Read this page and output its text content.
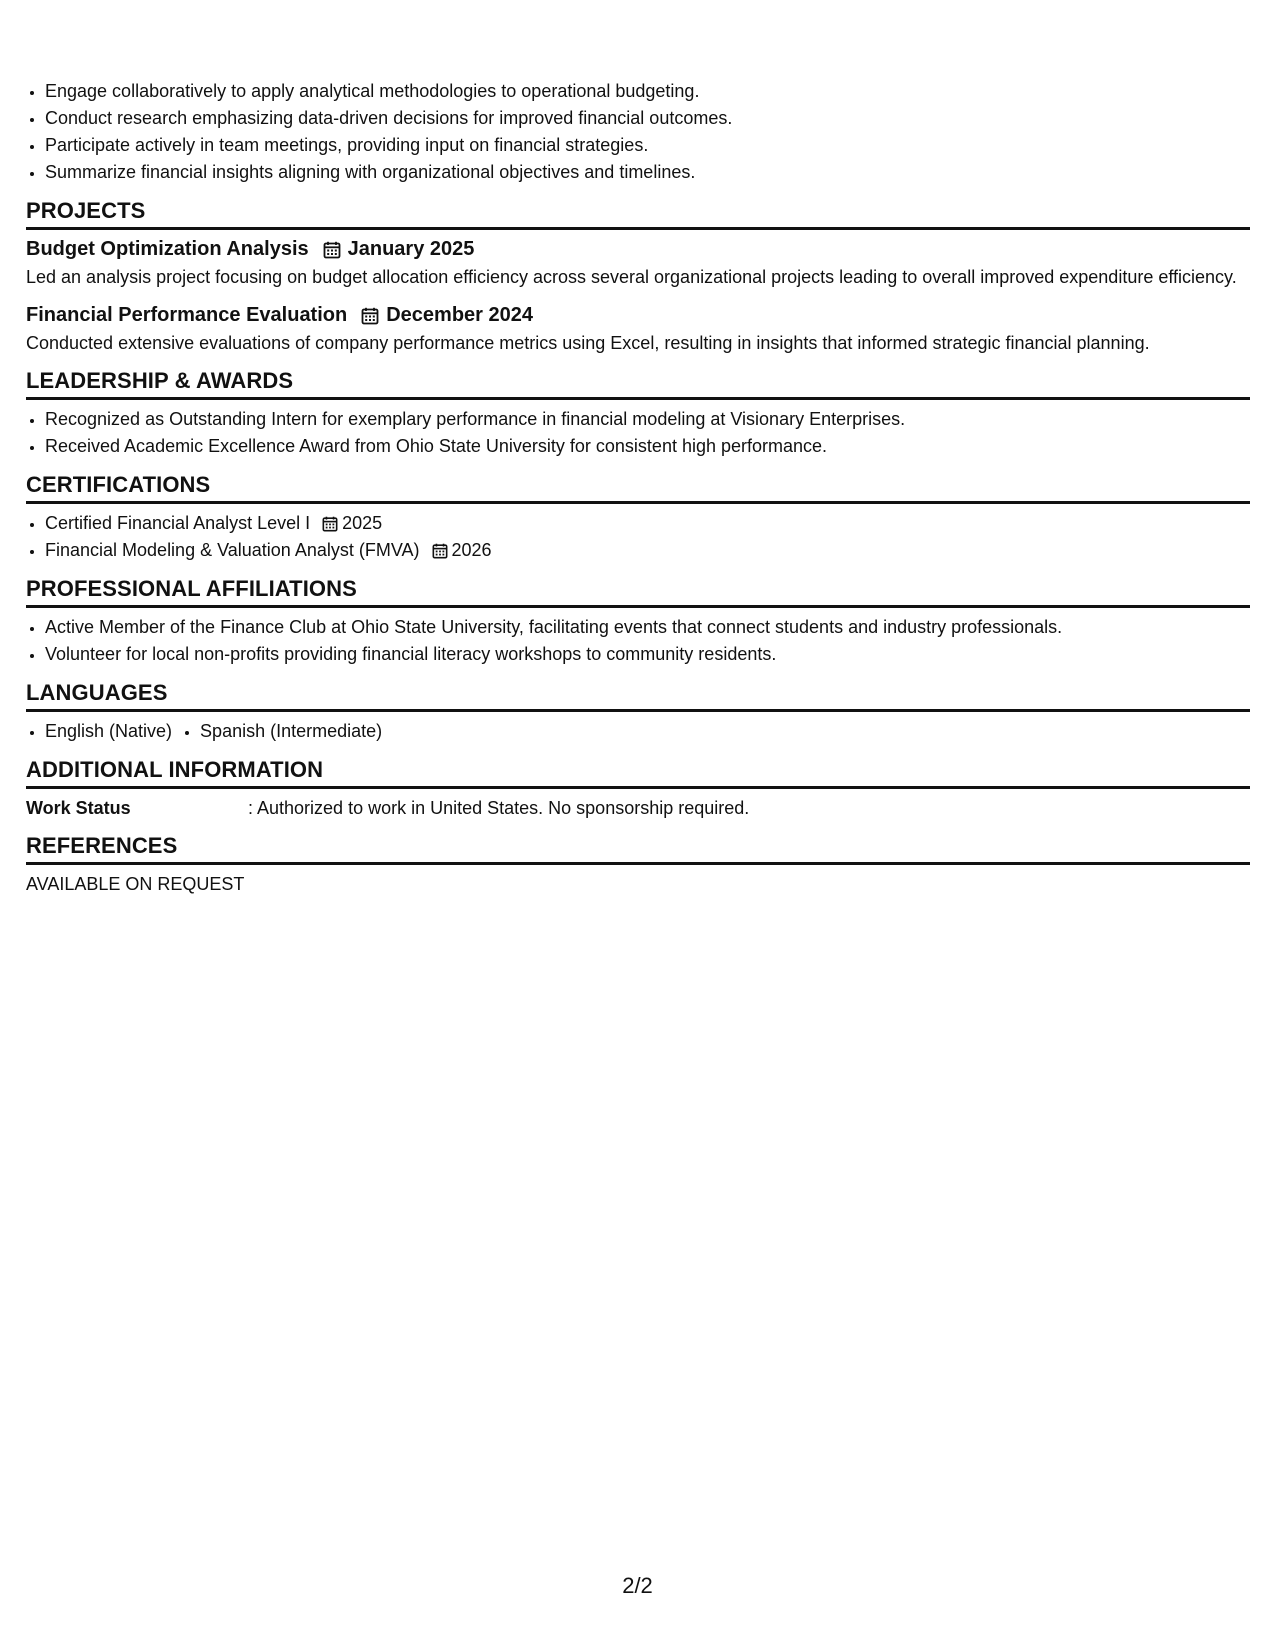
• Engage collaboratively to apply analytical methodologies to operational budgeting.
• Conduct research emphasizing data-driven decisions for improved financial outcomes.
• Participate actively in team meetings, providing input on financial strategies.
• Summarize financial insights aligning with organizational objectives and timelines.
PROJECTS
Budget Optimization Analysis January 2025
Led an analysis project focusing on budget allocation efficiency across several organizational projects leading to overall improved expenditure efficiency.
Financial Performance Evaluation December 2024
Conducted extensive evaluations of company performance metrics using Excel, resulting in insights that informed strategic financial planning.
LEADERSHIP & AWARDS
• Recognized as Outstanding Intern for exemplary performance in financial modeling at Visionary Enterprises.
• Received Academic Excellence Award from Ohio State University for consistent high performance.
CERTIFICATIONS
• Certified Financial Analyst Level I 2025
• Financial Modeling & Valuation Analyst (FMVA) 2026
PROFESSIONAL AFFILIATIONS
• Active Member of the Finance Club at Ohio State University, facilitating events that connect students and industry professionals.
• Volunteer for local non-profits providing financial literacy workshops to community residents.
LANGUAGES
• English (Native)
• Spanish (Intermediate)
ADDITIONAL INFORMATION
Work Status	: Authorized to work in United States. No sponsorship required.
REFERENCES
AVAILABLE ON REQUEST
2/2
